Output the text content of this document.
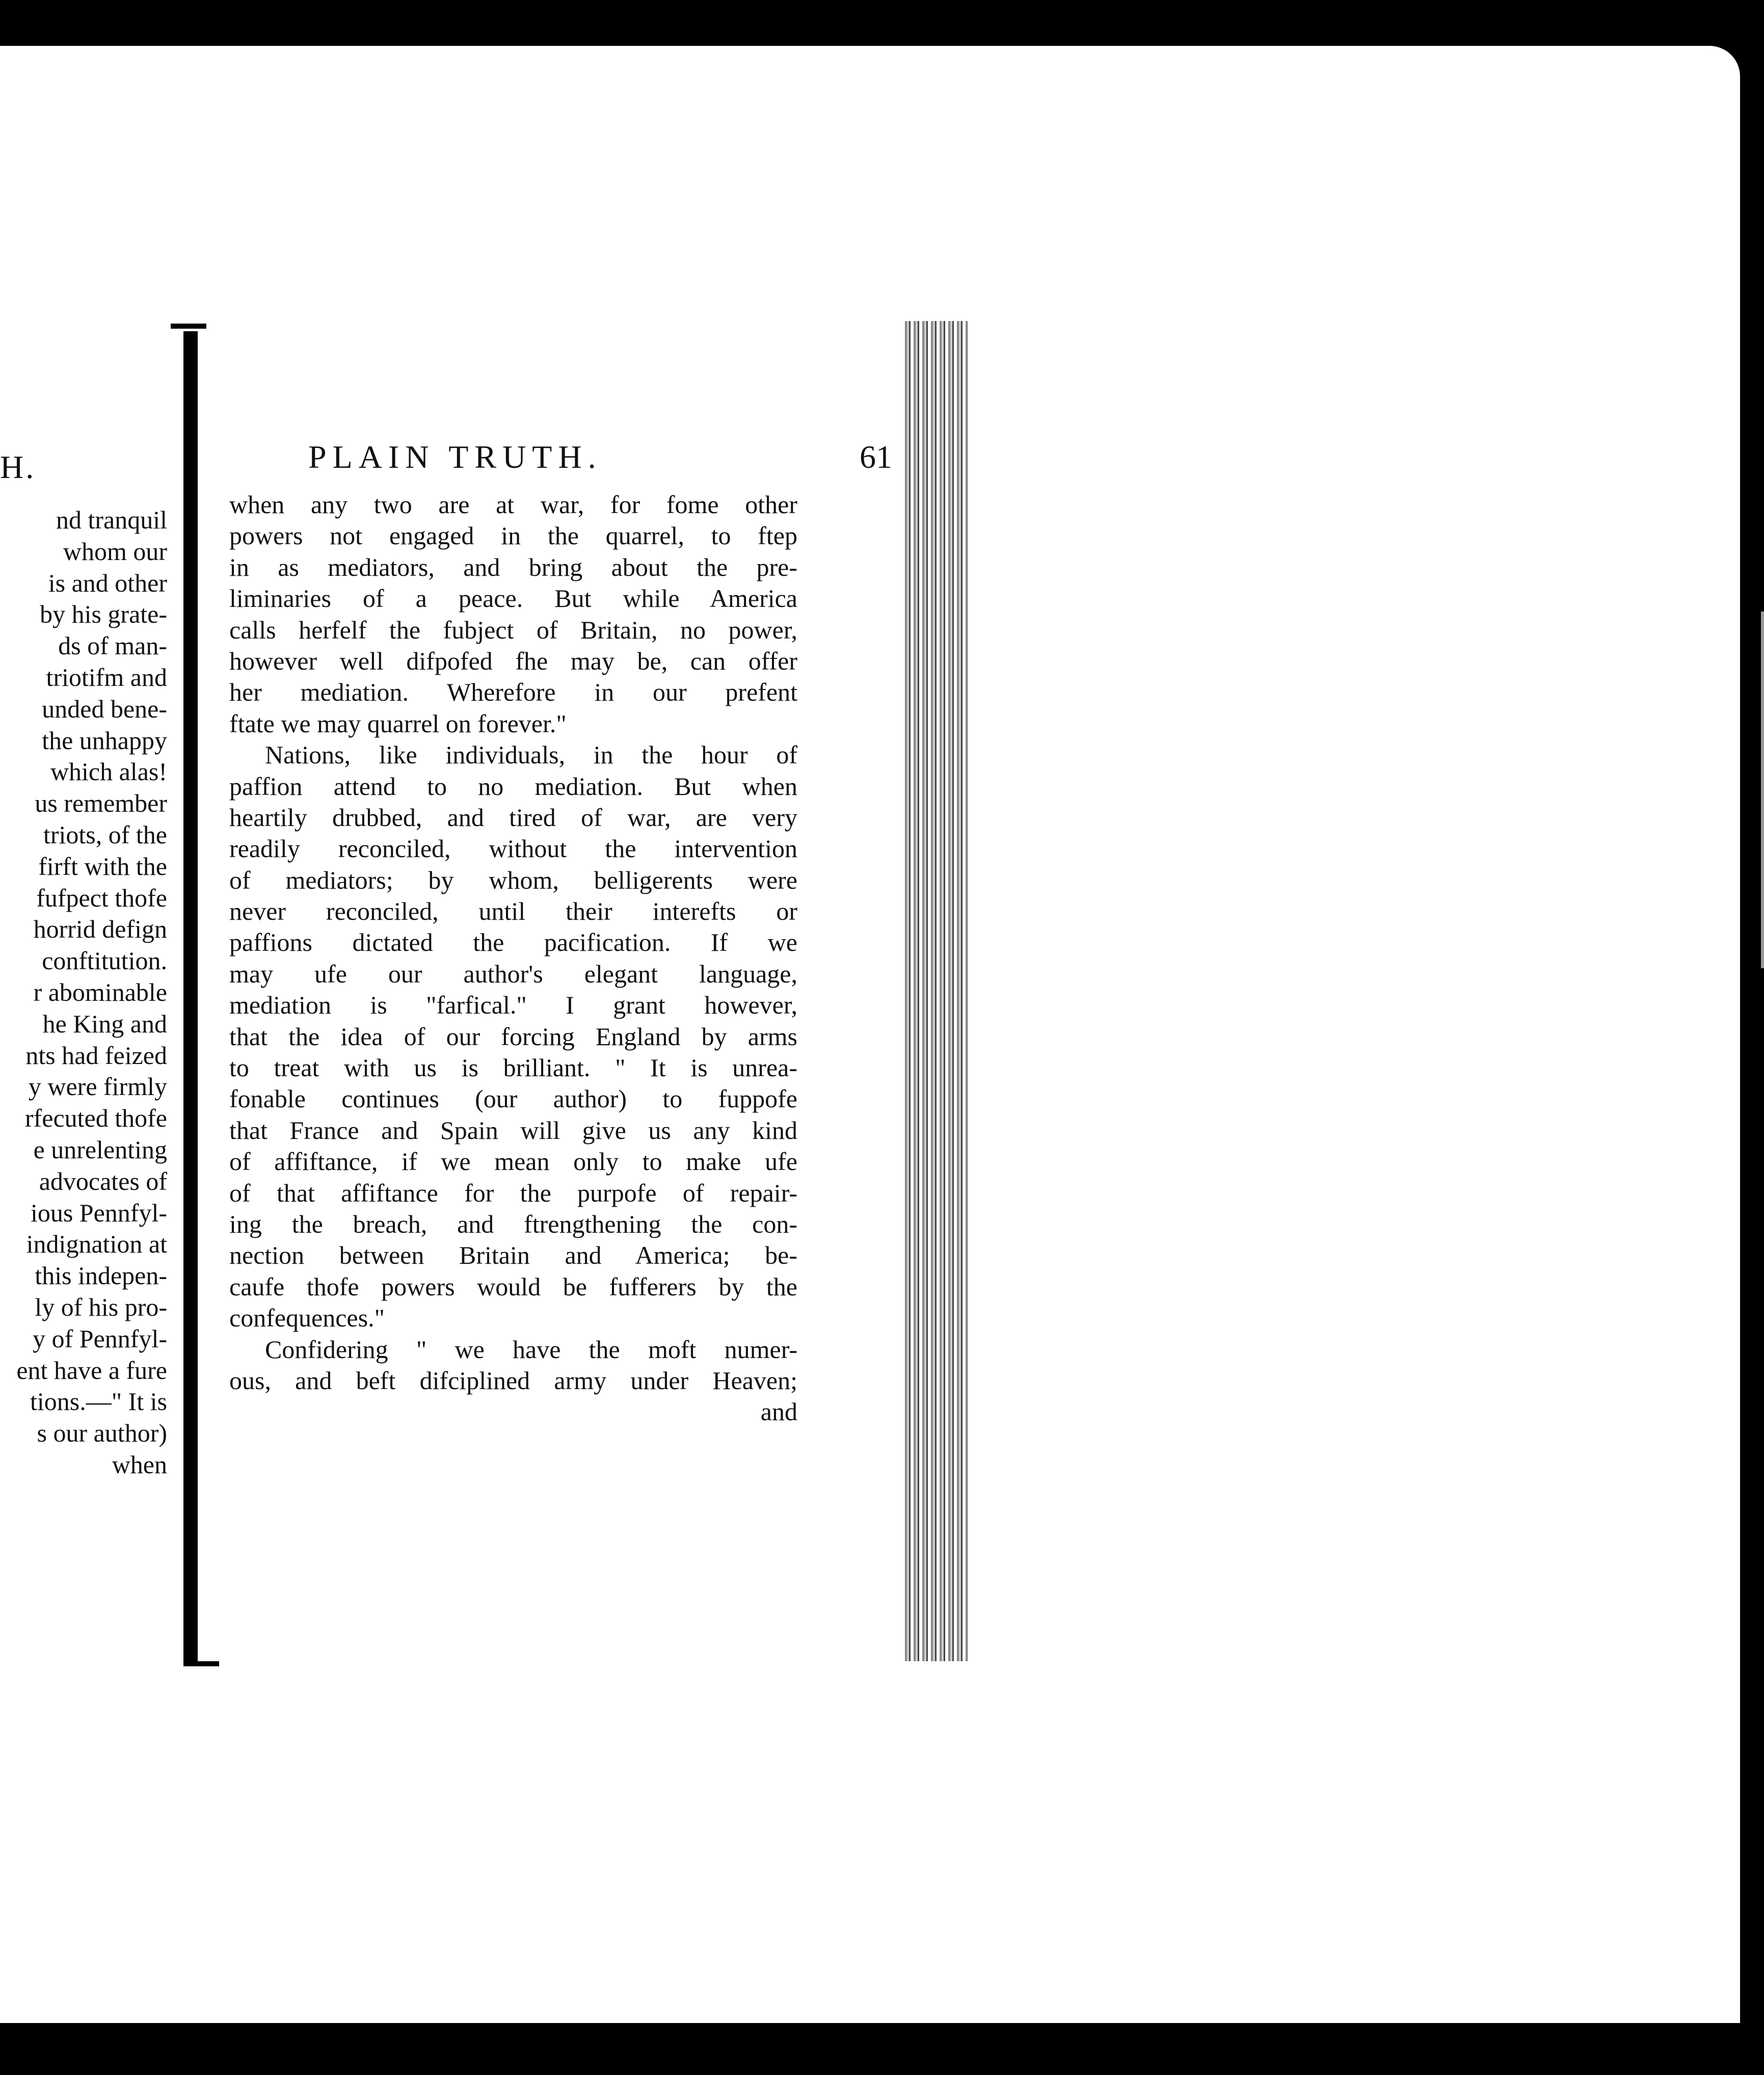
H.
nd tranquil
whom our
is and other
by his grate-
ds of man-
triotifm and
unded bene-
the unhappy
which alas!
us remember
triots, of the
firft with the
fufpect thofe
horrid defign
conftitution.
r abominable
he King and
nts had feized
y were firmly
rfecuted thofe
e unrelenting
advocates of
ious Pennfyl-
indignation at
this indepen-
ly of his pro-
y of Pennfyl-
ent have a fure
tions.—" It is
s our author)
when
PLAIN TRUTH.	61
when any two are at war, for fome other
powers not engaged in the quarrel, to ftep
in as mediators, and bring about the pre-
liminaries of a peace. But while America
calls herfelf the fubject of Britain, no power,
however well difpofed fhe may be, can offer
her mediation. Wherefore in our prefent
ftate we may quarrel on forever."
Nations, like individuals, in the hour of
paffion attend to no mediation. But when
heartily drubbed, and tired of war, are very
readily reconciled, without the intervention
of mediators; by whom, belligerents were
never reconciled, until their interefts or
paffions dictated the pacification. If we
may ufe our author's elegant language,
mediation is "farfical." I grant however,
that the idea of our forcing England by arms
to treat with us is brilliant. " It is unrea-
fonable continues (our author) to fuppofe
that France and Spain will give us any kind
of affiftance, if we mean only to make ufe
of that affiftance for the purpofe of repair-
ing the breach, and ftrengthening the con-
nection between Britain and America; be-
caufe thofe powers would be fufferers by the
confequences."
Confidering " we have the moft numer-
ous, and beft difciplined army under Heaven;
and
